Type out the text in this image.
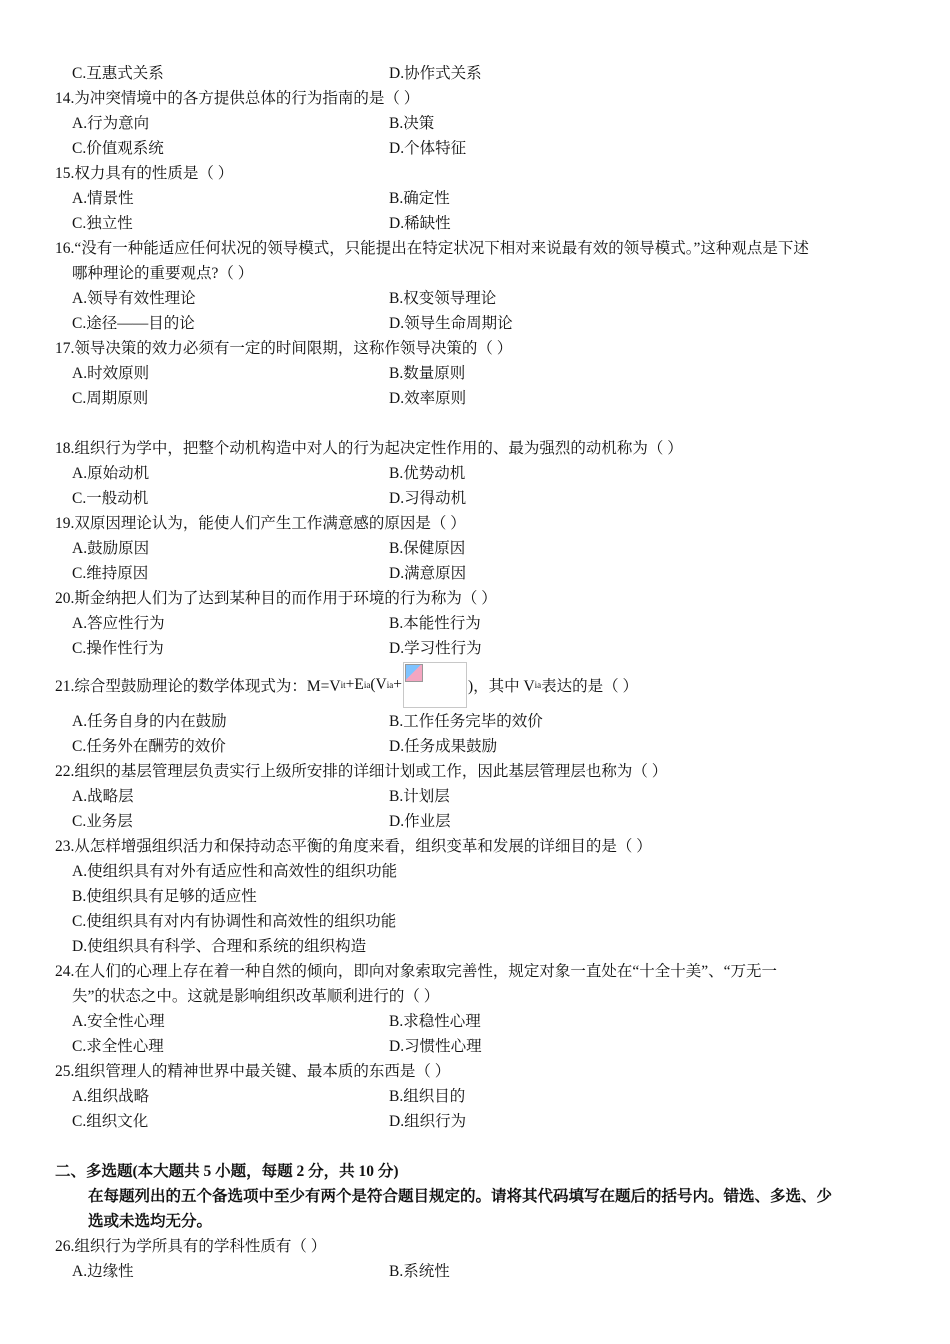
C.互惠式关系	D.协作式关系
14.为冲突情境中的各方提供总体的行为指南的是（ ）
A.行为意向	B.决策
C.价值观系统	D.个体特征
15.权力具有的性质是（ ）
A.情景性	B.确定性
C.独立性	D.稀缺性
16.“没有一种能适应任何状况的领导模式，只能提出在特定状况下相对来说最有效的领导模式。”这种观点是下述
哪种理论的重要观点?（ ）
A.领导有效性理论	B.权变领导理论
C.途径——目的论	D.领导生命周期论
17.领导决策的效力必须有一定的时间限期，这称作领导决策的（ ）
A.时效原则	B.数量原则
C.周期原则	D.效率原则
18.组织行为学中，把整个动机构造中对人的行为起决定性作用的、最为强烈的动机称为（ ）
A.原始动机	B.优势动机
C.一般动机	D.习得动机
19.双原因理论认为，能使人们产生工作满意感的原因是（ ）
A.鼓励原因	B.保健原因
C.维持原因	D.满意原因
20.斯金纳把人们为了达到某种目的而作用于环境的行为称为（ ）
A.答应性行为	B.本能性行为
C.操作性行为	D.学习性行为
21.综合型鼓励理论的数学体现式为：M=V it +E ia (V ia +	)，其中 V ia 表达的是（ ）
A.任务自身的内在鼓励	B.工作任务完毕的效价
C.任务外在酬劳的效价	D.任务成果鼓励
22.组织的基层管理层负责实行上级所安排的详细计划或工作，因此基层管理层也称为（ ）
A.战略层	B.计划层
C.业务层	D.作业层
23.从怎样增强组织活力和保持动态平衡的角度来看，组织变革和发展的详细目的是（ ）
A.使组织具有对外有适应性和高效性的组织功能
B.使组织具有足够的适应性
C.使组织具有对内有协调性和高效性的组织功能
D.使组织具有科学、合理和系统的组织构造
24.在人们的心理上存在着一种自然的倾向，即向对象索取完善性，规定对象一直处在“十全十美”、“万无一
失”的状态之中。这就是影响组织改革顺利进行的（ ）
A.安全性心理	B.求稳性心理
C.求全性心理	D.习惯性心理
25.组织管理人的精神世界中最关键、最本质的东西是（ ）
A.组织战略	B.组织目的
C.组织文化	D.组织行为
二、多选题(本大题共 5 小题，每题 2 分，共 10 分)
在每题列出的五个备选项中至少有两个是符合题目规定的。请将其代码填写在题后的括号内。错选、多选、少
选或未选均无分。
26.组织行为学所具有的学科性质有（ ）
A.边缘性	B.系统性
